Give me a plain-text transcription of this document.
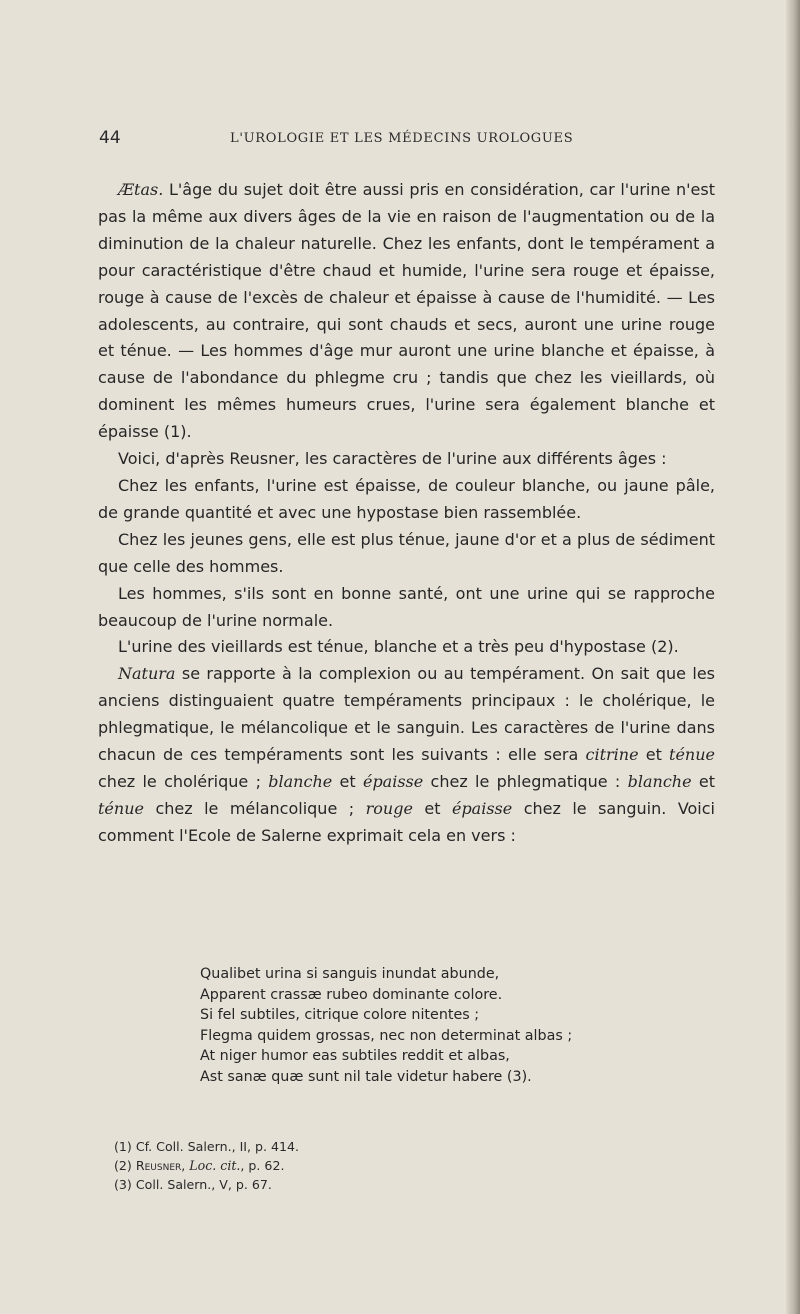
44	L'UROLOGIE ET LES MÉDECINS UROLOGUES

Ætas. L'âge du sujet doit être aussi pris en considération, car l'urine n'est pas la même aux divers âges de la vie en raison de l'augmentation ou de la diminution de la chaleur naturelle. Chez les enfants, dont le tempérament a pour caractéristique d'être chaud et humide, l'urine sera rouge et épaisse, rouge à cause de l'excès de chaleur et épaisse à cause de l'humidité. — Les adolescents, au contraire, qui sont chauds et secs, auront une urine rouge et ténue. — Les hommes d'âge mur auront une urine blanche et épaisse, à cause de l'abondance du phlegme cru ; tandis que chez les vieillards, où dominent les mêmes humeurs crues, l'urine sera également blanche et épaisse (1).

Voici, d'après Reusner, les caractères de l'urine aux différents âges :

Chez les enfants, l'urine est épaisse, de couleur blanche, ou jaune pâle, de grande quantité et avec une hypostase bien rassemblée.

Chez les jeunes gens, elle est plus ténue, jaune d'or et a plus de sédiment que celle des hommes.

Les hommes, s'ils sont en bonne santé, ont une urine qui se rapproche beaucoup de l'urine normale.

L'urine des vieillards est ténue, blanche et a très peu d'hypostase (2).

Natura se rapporte à la complexion ou au tempérament. On sait que les anciens distinguaient quatre tempéraments principaux : le cholérique, le phlegmatique, le mélancolique et le sanguin. Les caractères de l'urine dans chacun de ces tempéraments sont les suivants : elle sera citrine et ténue chez le cholérique ; blanche et épaisse chez le phlegmatique : blanche et ténue chez le mélancolique ; rouge et épaisse chez le sanguin. Voici comment l'Ecole de Salerne exprimait cela en vers :

Qualibet urina si sanguis inundat abunde,
Apparent crassæ rubeo dominante colore.
Si fel subtiles, citrique colore nitentes ;
Flegma quidem grossas, nec non determinat albas ;
At niger humor eas subtiles reddit et albas,
Ast sanæ quæ sunt nil tale videtur habere (3).
(1) Cf. Coll. Salern., II, p. 414.
(2) Reusner, Loc. cit., p. 62.
(3) Coll. Salern., V, p. 67.
